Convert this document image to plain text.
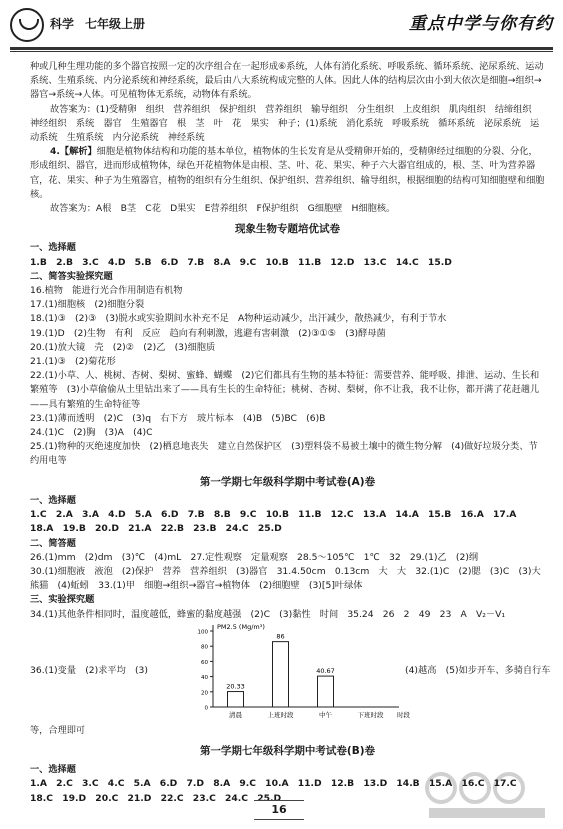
科学 七年级上册	重点中学与你有约

种或几种生理功能的多个器官按照一定的次序组合在一起形成⑥系统，人体有消化系统、呼吸系统、循环系统、泌尿系统、运动系统、生殖系统、内分泌系统和神经系统，最后由八大系统构成完整的人体。因此人体的结构层次由小到大依次是细胞→组织→器官→系统→人体。可见植物体无系统，动物体有系统。

故答案为：(1)受精卵　组织　营养组织　保护组织　营养组织　输导组织　分生组织　上皮组织　肌肉组织　结缔组织　神经组织　系统　器官　生殖器官　根　茎　叶　花　果实　种子；(1)系统　消化系统　呼吸系统　循环系统　泌尿系统　运动系统　生殖系统　内分泌系统　神经系统

4.【解析】细胞是植物体结构和功能的基本单位，植物体的生长发育是从受精卵开始的，受精卵经过细胞的分裂、分化，形成组织、器官，进而形成植物体，绿色开花植物体是由根、茎、叶、花、果实、种子六大器官组成的，根、茎、叶为营养器官，花、果实、种子为生殖器官，植物的组织有分生组织、保护组织、营养组织、输导组织，根据细胞的结构可知细胞壁和细胞核。

故答案为：A根　B茎　C花　D果实　E营养组织　F保护组织　G细胞壁　H细胞核。

现象生物专题培优试卷

一、选择题

1.B　2.B　3.C　4.D　5.B　6.D　7.B　8.A　9.C　10.B　11.B　12.D　13.C　14.C　15.D

二、简答实验探究题

16.植物　能进行光合作用制造有机物

17.(1)细胞核　(2)细胞分裂

18.(1)③　(2)③　(3)脱水或实验期间水补充不足　A物种运动减少，出汗减少，散热减少，有利于节水

19.(1)D　(2)生物　有利　反应　趋向有利刺激，逃避有害刺激　(2)③①⑤　(3)酵母菌

20.(1)放大镜　壳　(2)②　(2)乙　(3)细胞质

21.(1)③　(2)菊花形

22.(1)小草、人、桃树、杏树、梨树、蜜蜂、蝴蝶　(2)它们都具有生物的基本特征：需要营养、能呼吸、排泄、运动、生长和繁殖等　(3)小草偷偷从土里钻出来了——具有生长的生命特征；桃树、杏树、梨树，你不让我，我不让你，都开满了花赶趟儿——具有繁殖的生命特征等

23.(1)薄而透明　(2)C　(3)q　右下方　玻片标本　(4)B　(5)BC　(6)B

24.(1)C　(2)胸　(3)A　(4)C

25.(1)物种的灭绝速度加快　(2)栖息地丧失　建立自然保护区　(3)塑料袋不易被土壤中的微生物分解　(4)做好垃圾分类、节约用电等

第一学期七年级科学期中考试卷(A)卷

一、选择题

1.C　2.A　3.A　4.D　5.A　6.D　7.B　8.B　9.C　10.B　11.B　12.C　13.A　14.A　15.B　16.A　17.A

18.A　19.B　20.D　21.A　22.B　23.B　24.C　25.D

二、简答题

26.(1)mm　(2)dm　(3)℃　(4)mL　27.定性观察　定量观察　28.5～105℃　1℃　32　29.(1)乙　(2)纲

30.(1)细胞液　液泡　(2)保护　营养　营养组织　(3)器官　31.4.50cm　0.13cm　大　大　32.(1)C　(2)腮　(3)C　(3)大熊猫　(4)蚯蚓　33.(1)甲　细胞→组织→器官→植物体　(2)细胞壁　(3)[5]叶绿体

三、实验探究题

34.(1)其他条件相同时，温度越低，蜂蜜的黏度越强　(2)C　(3)黏性　时间　35.24　26　2　49　23　A　V₂－V₁

36.(1)变量　(2)求平均　(3)	(4)越高　(5)如步开车、多骑自行车
0
20
40
60
80
100
PM2.5 (Mg/m³)
20.33
清晨
86
上班时段
40.67
中午	下班时段 时段

等，合理即可

第一学期七年级科学期中考试卷(B)卷

一、选择题

1.A　2.C　3.C　4.C　5.A　6.D　7.D　8.A　9.C　10.A　11.D　12.B　13.D　14.B　15.A　16.C　17.C

18.C　19.D　20.C　21.D　22.C　23.C　24.C　25.D

16
